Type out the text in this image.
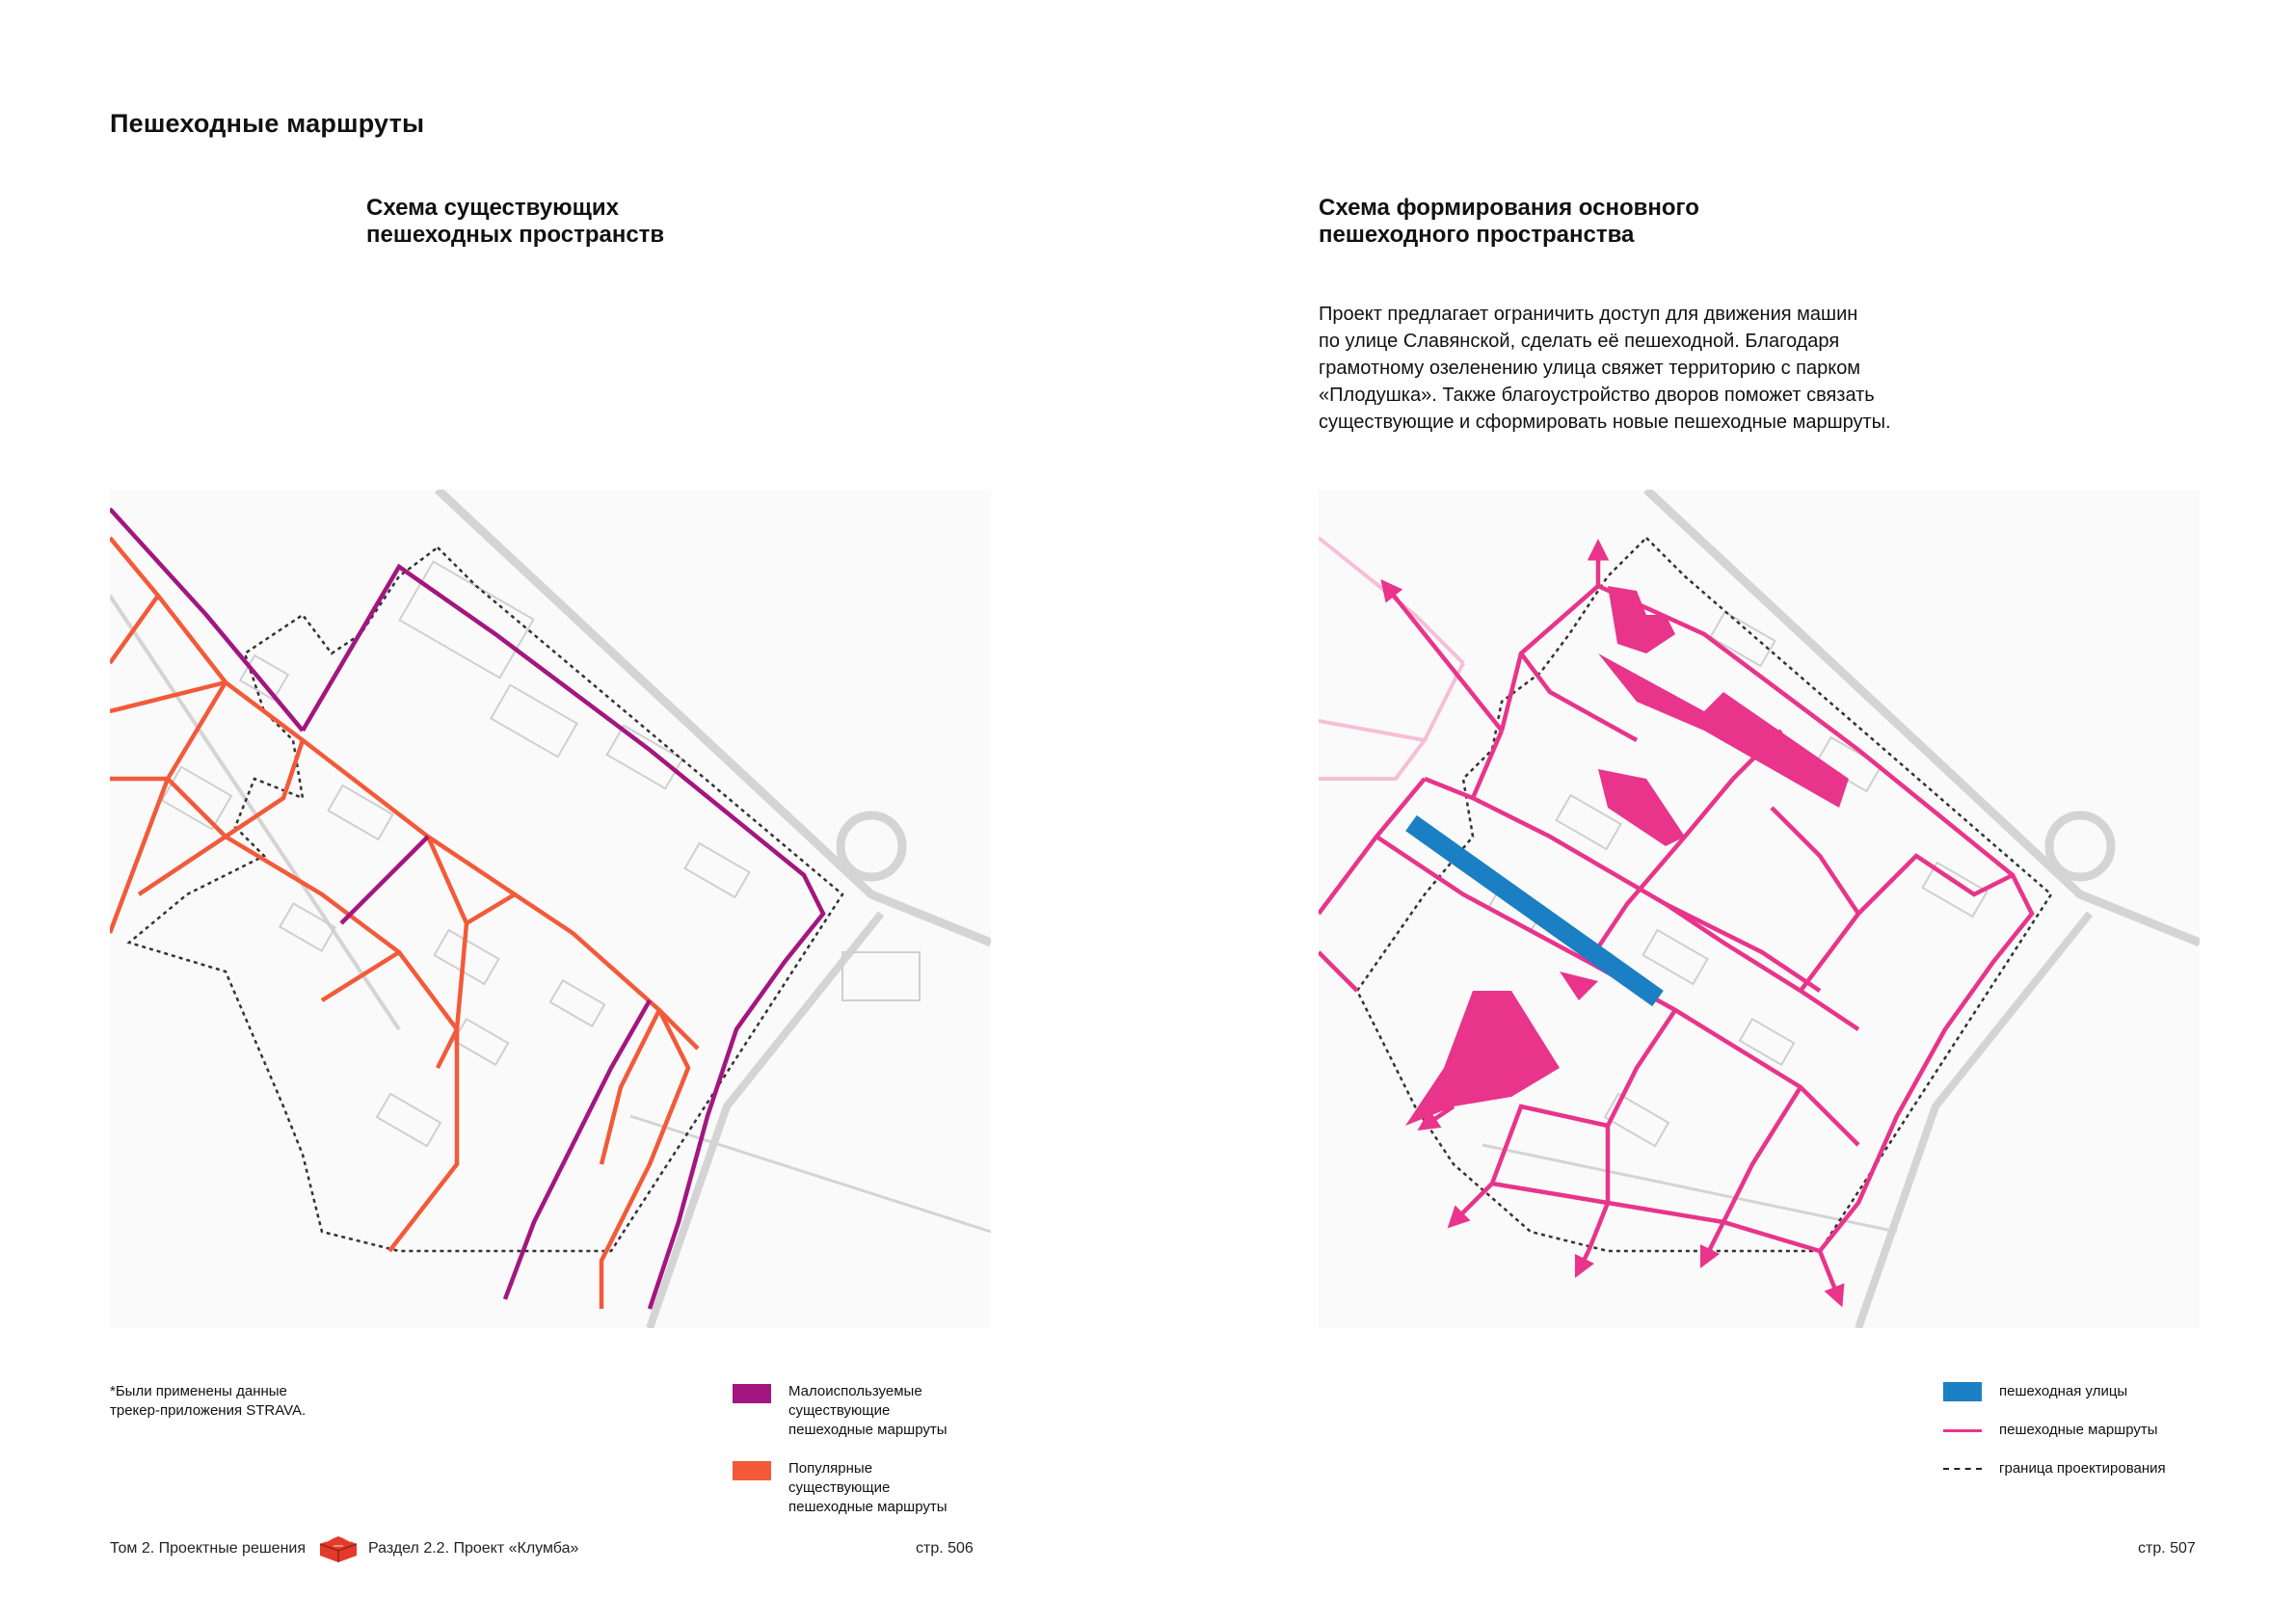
Пешеходные маршруты
Схема существующих
пешеходных пространств
*Были применены данные
трекер-приложения STRAVA.
Малоиспользуемые
существующие
пешеходные маршруты
Популярные
существующие
пешеходные маршруты
Том 2. Проектные решения	Раздел 2.2. Проект «Клумба»	стр. 506
Схема формирования основного
пешеходного пространства
Проект предлагает ограничить доступ для движения машин
по улице Славянской, сделать её пешеходной. Благодаря
грамотному озеленению улица свяжет территорию с парком
«Плодушка». Также благоустройство дворов поможет связать
существующие и сформировать новые пешеходные маршруты.
пешеходная улицы
пешеходные маршруты
граница проектирования
стр. 507
